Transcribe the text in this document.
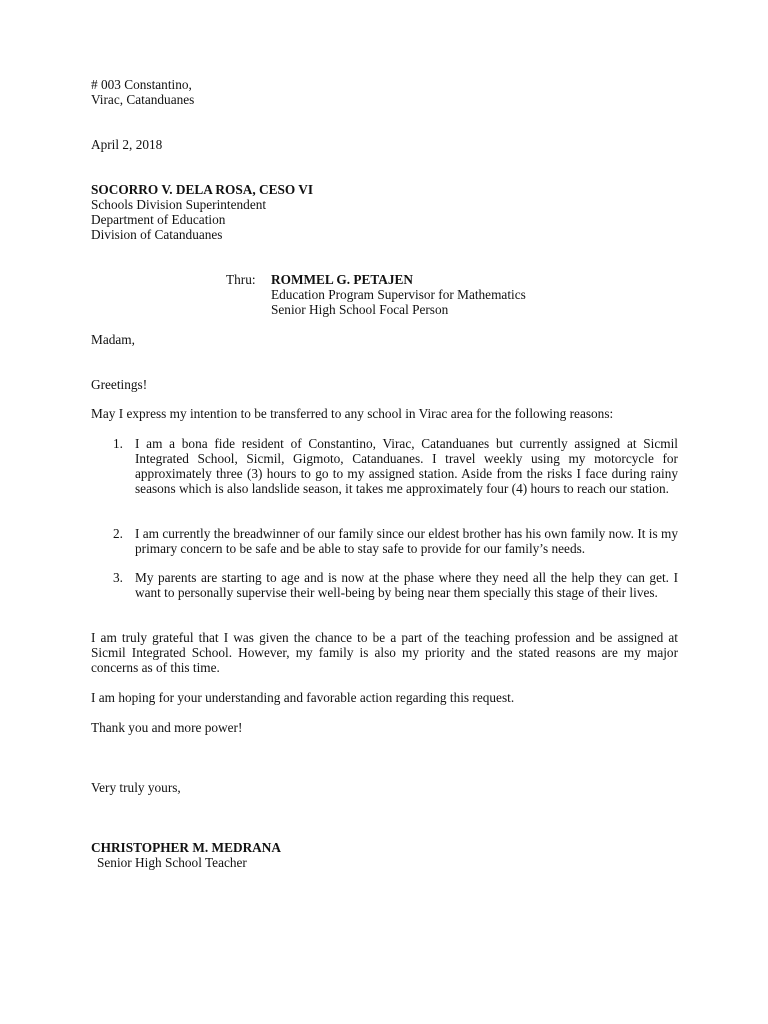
# 003 Constantino,
Virac, Catanduanes
April 2, 2018
SOCORRO V. DELA ROSA, CESO VI
Schools Division Superintendent
Department of Education
Division of Catanduanes
Thru: ROMMEL G. PETAJEN
Education Program Supervisor for Mathematics
Senior High School Focal Person
Madam,
Greetings!
May I express my intention to be transferred to any school in Virac area for the following reasons:
1. I am a bona fide resident of Constantino, Virac, Catanduanes but currently assigned at Sicmil Integrated School, Sicmil, Gigmoto, Catanduanes. I travel weekly using my motorcycle for approximately three (3) hours to go to my assigned station. Aside from the risks I face during rainy seasons which is also landslide season, it takes me approximately four (4) hours to reach our station.
2. I am currently the breadwinner of our family since our eldest brother has his own family now. It is my primary concern to be safe and be able to stay safe to provide for our family’s needs.
3. My parents are starting to age and is now at the phase where they need all the help they can get. I want to personally supervise their well-being by being near them specially this stage of their lives.
I am truly grateful that I was given the chance to be a part of the teaching profession and be assigned at Sicmil Integrated School. However, my family is also my priority and the stated reasons are my major concerns as of this time.
I am hoping for your understanding and favorable action regarding this request.
Thank you and more power!
Very truly yours,
CHRISTOPHER M. MEDRANA
Senior High School Teacher
